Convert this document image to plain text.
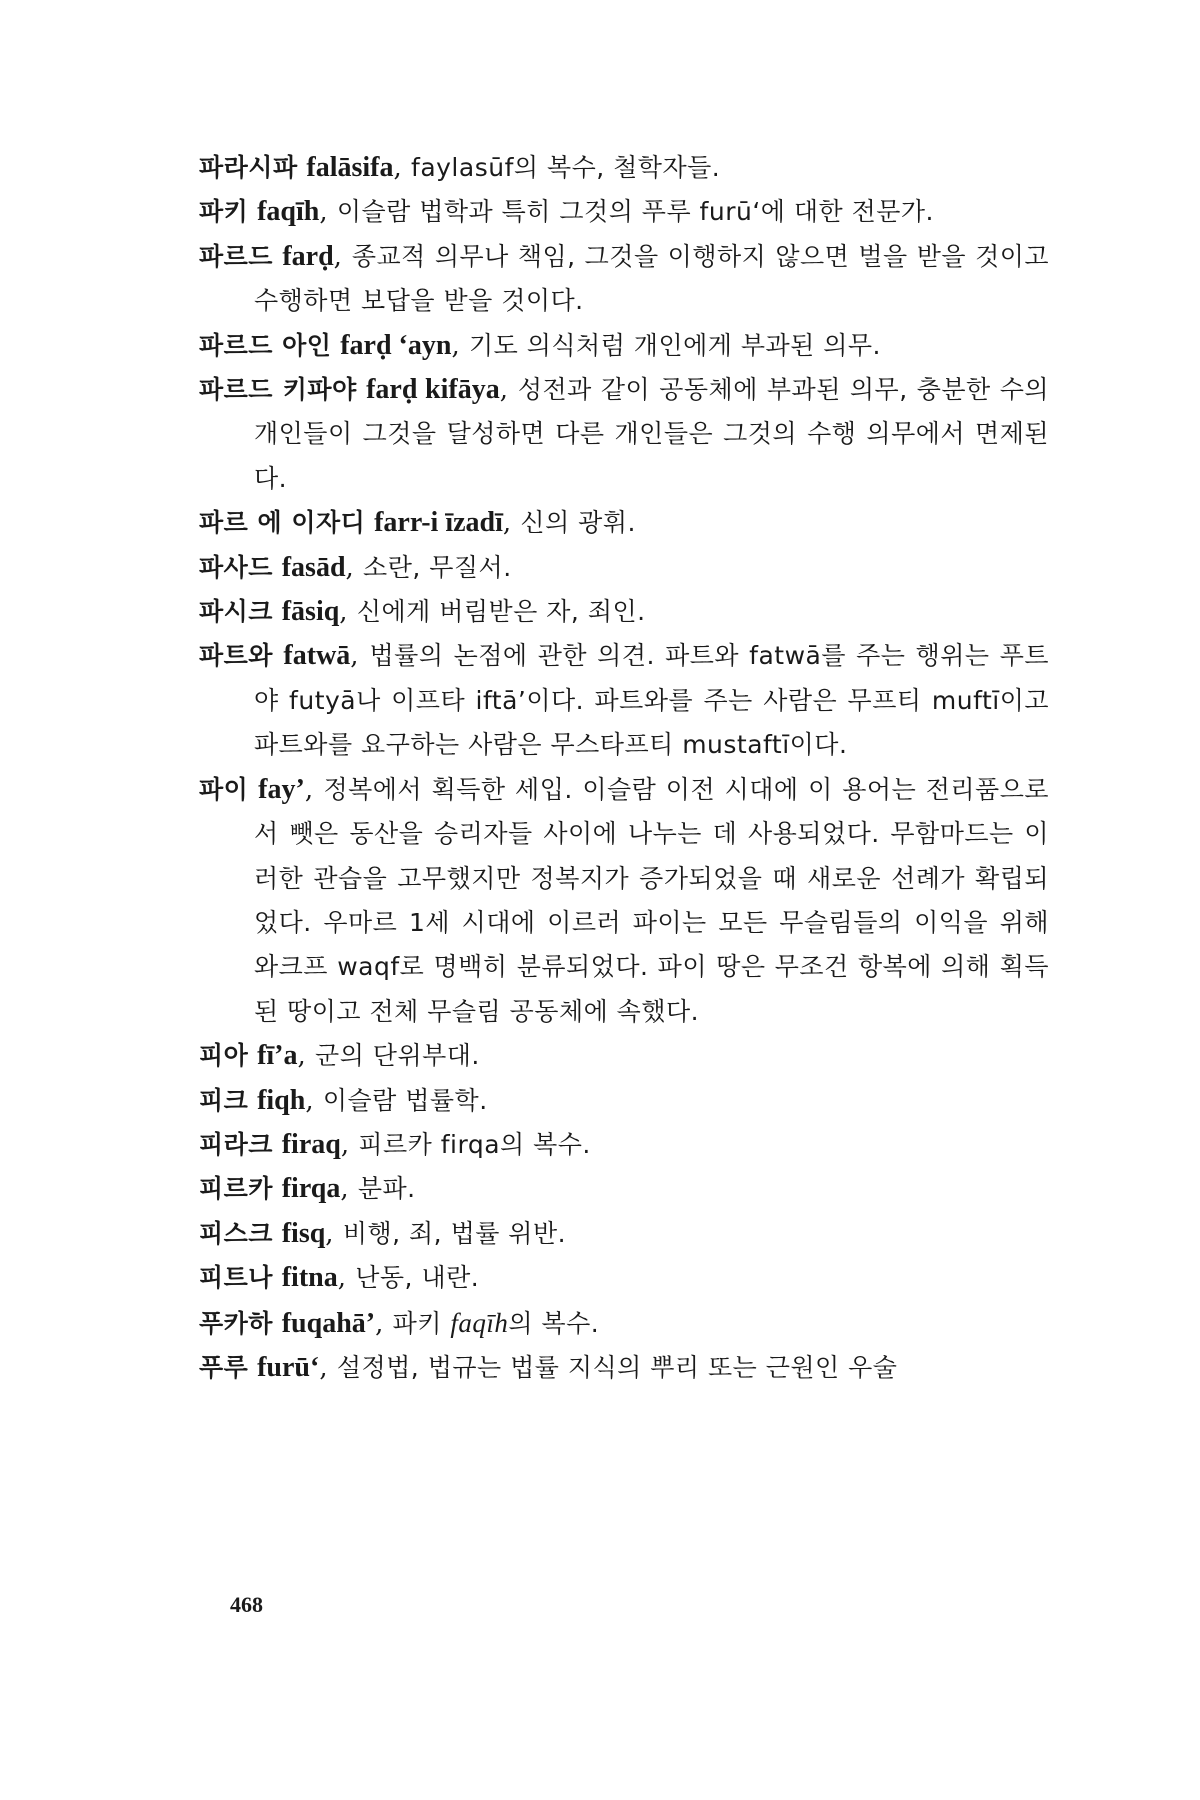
파라시파 falāsifa, faylasūf의 복수, 철학자들.

파키 faqīh, 이슬람 법학과 특히 그것의 푸루 furū‘에 대한 전문가.

파르드 farḍ, 종교적 의무나 책임, 그것을 이행하지 않으면 벌을 받을 것이고 수행하면 보답을 받을 것이다.

파르드 아인 farḍ ‘ayn, 기도 의식처럼 개인에게 부과된 의무.

파르드 키파야 farḍ kifāya, 성전과 같이 공동체에 부과된 의무, 충분한 수의 개인들이 그것을 달성하면 다른 개인들은 그것의 수행 의무에서 면제된다.

파르 에 이자디 farr-i īzadī, 신의 광휘.

파사드 fasād, 소란, 무질서.

파시크 fāsiq, 신에게 버림받은 자, 죄인.

파트와 fatwā, 법률의 논점에 관한 의견. 파트와 fatwā를 주는 행위는 푸트야 futyā나 이프타 iftā’이다. 파트와를 주는 사람은 무프티 muftī이고 파트와를 요구하는 사람은 무스타프티 mustaftī이다.

파이 fay’, 정복에서 획득한 세입. 이슬람 이전 시대에 이 용어는 전리품으로서 뺏은 동산을 승리자들 사이에 나누는 데 사용되었다. 무함마드는 이러한 관습을 고무했지만 정복지가 증가되었을 때 새로운 선례가 확립되었다. 우마르 1세 시대에 이르러 파이는 모든 무슬림들의 이익을 위해 와크프 waqf로 명백히 분류되었다. 파이 땅은 무조건 항복에 의해 획득된 땅이고 전체 무슬림 공동체에 속했다.

피아 fī’a, 군의 단위부대.

피크 fiqh, 이슬람 법률학.

피라크 firaq, 피르카 firqa의 복수.

피르카 firqa, 분파.

피스크 fisq, 비행, 죄, 법률 위반.

피트나 fitna, 난동, 내란.

푸카하 fuqahā’, 파키 faqīh의 복수.

푸루 furū‘, 설정법, 법규는 법률 지식의 뿌리 또는 근원인 우술

468
